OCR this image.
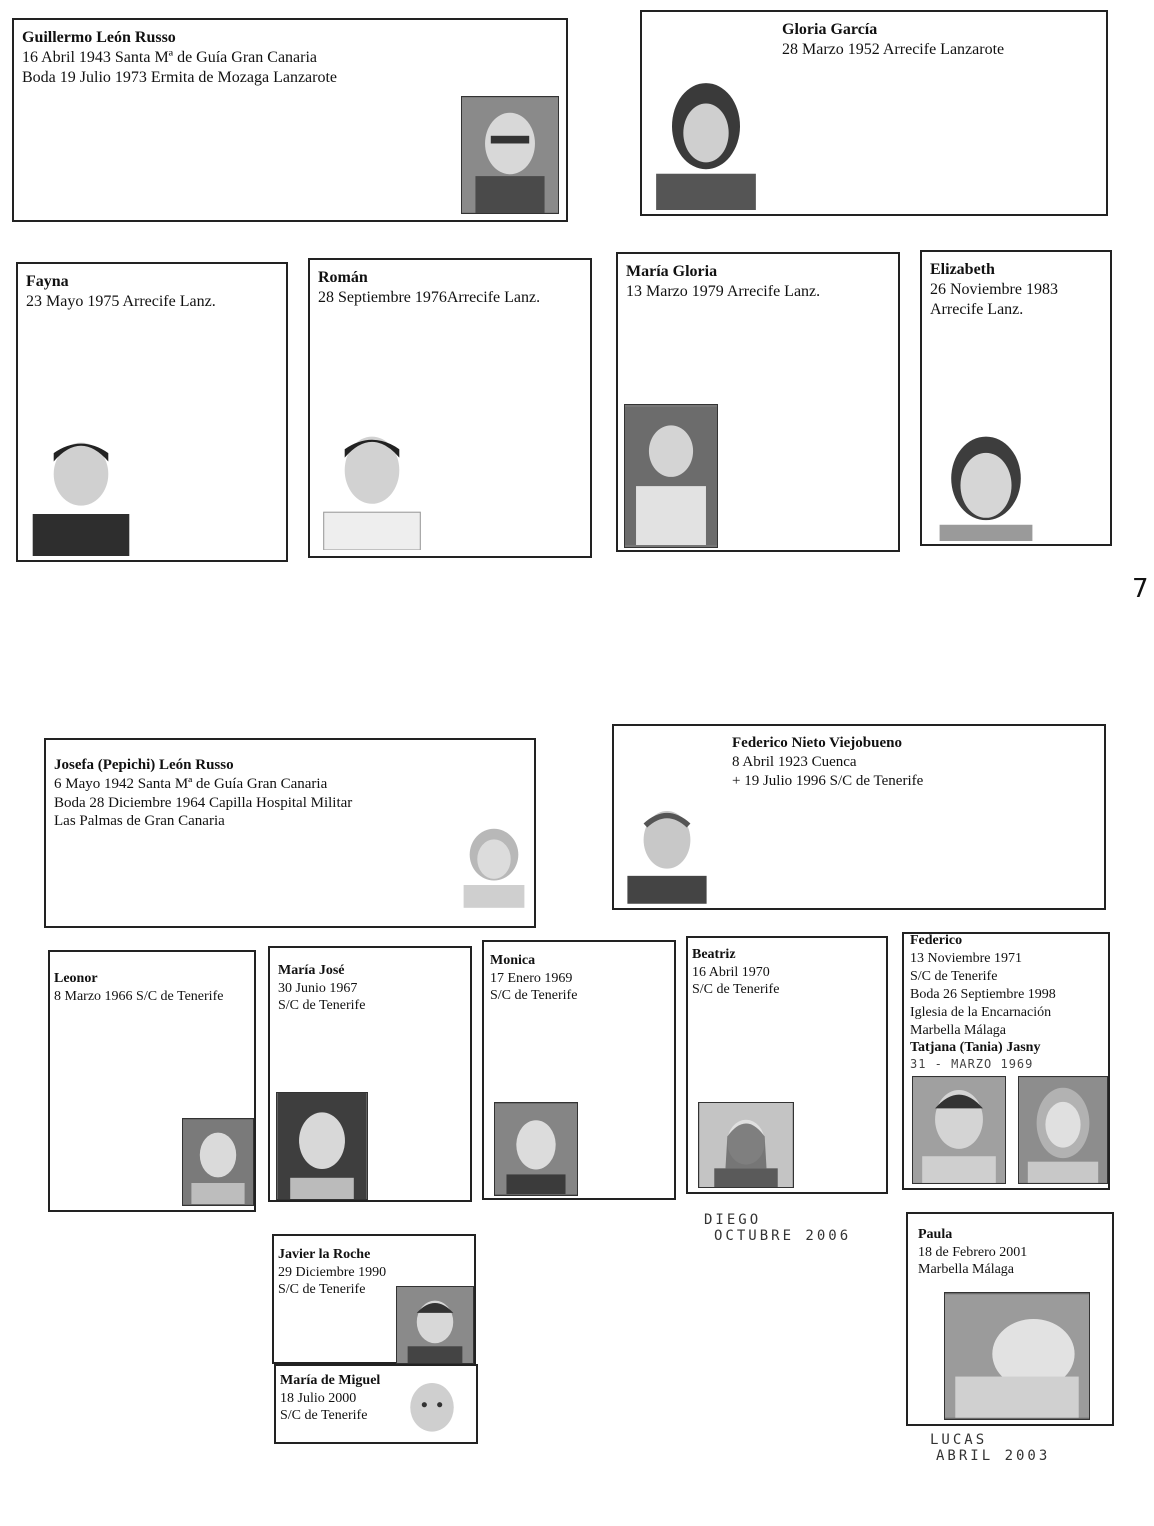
Guillermo León Russo
16 Abril 1943 Santa Mª de Guía Gran Canaria
Boda 19 Julio 1973 Ermita de Mozaga Lanzarote
Gloria García
28 Marzo 1952 Arrecife Lanzarote
Fayna
23 Mayo 1975 Arrecife Lanz.
Román
28 Septiembre 1976Arrecife Lanz.
María Gloria
13 Marzo 1979 Arrecife Lanz.
Elizabeth
26 Noviembre 1983
Arrecife Lanz.
7
Josefa (Pepichi) León Russo
6 Mayo 1942 Santa Mª de Guía Gran Canaria
Boda 28 Diciembre 1964 Capilla Hospital Militar
Las Palmas de Gran Canaria
Federico Nieto Viejobueno
8 Abril 1923 Cuenca
+ 19 Julio 1996 S/C de Tenerife
Leonor
8 Marzo 1966 S/C de Tenerife
María José
30 Junio 1967
S/C de Tenerife
Monica
17 Enero 1969
S/C de Tenerife
Beatriz
16 Abril 1970
S/C de Tenerife
Federico
13 Noviembre 1971
S/C de Tenerife
Boda 26 Septiembre 1998
Iglesia de la Encarnación
Marbella Málaga
Tatjana (Tania) Jasny
31 - MARZO 1969
Javier la Roche
29 Diciembre 1990
S/C de Tenerife
María de Miguel
18 Julio 2000
S/C de Tenerife
Paula
18 de Febrero 2001
Marbella Málaga
DIEGO
OCTUBRE 2006
LUCAS
ABRIL 2003
